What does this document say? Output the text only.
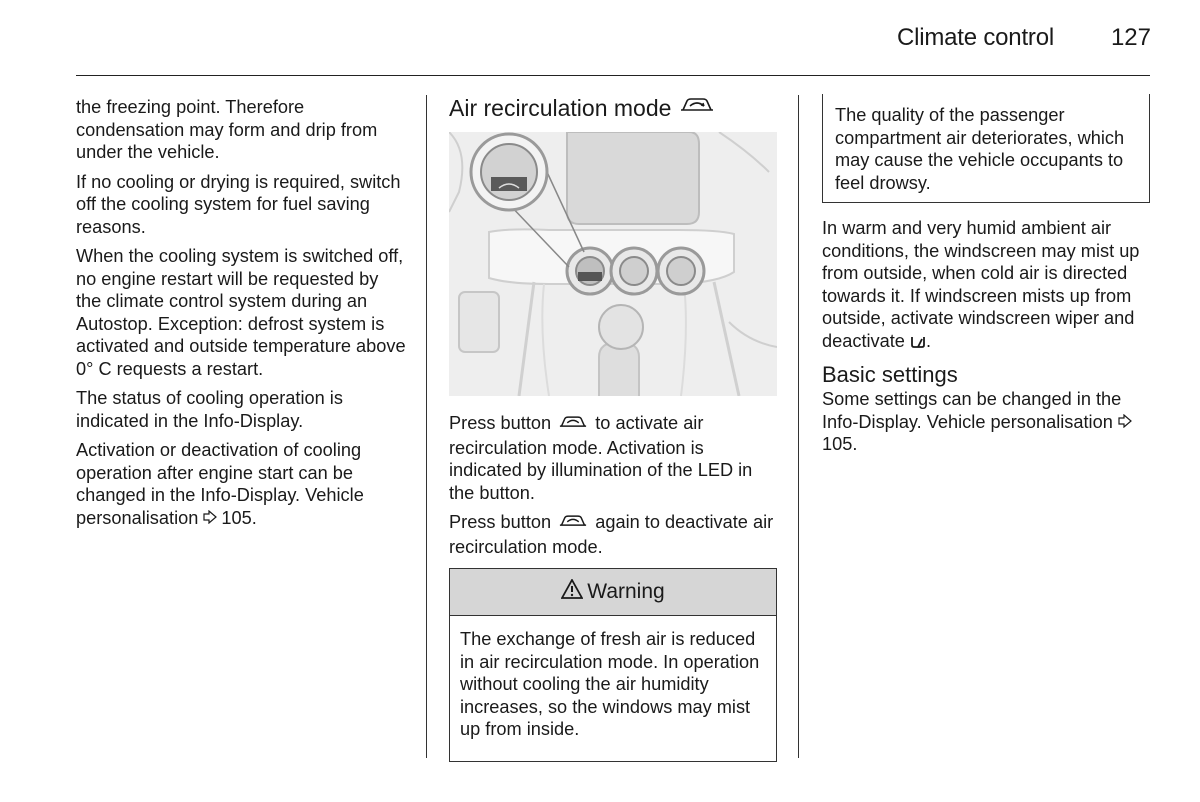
Climate control 127

the freezing point. Therefore condensation may form and drip from under the vehicle.

If no cooling or drying is required, switch off the cooling system for fuel saving reasons.

When the cooling system is switched off, no engine restart will be requested by the climate control system during an Autostop. Exception: defrost system is activated and outside temperature above 0° C requests a restart.

The status of cooling operation is indicated in the Info-Display.

Activation or deactivation of cooling operation after engine start can be changed in the Info-Display. Vehicle personalisation 105.

Air recirculation mode

Press button to activate air recirculation mode. Activation is indicated by illumination of the LED in the button.

Press button again to deactivate air recirculation mode.

Warning
The exchange of fresh air is reduced in air recirculation mode. In operation without cooling the air humidity increases, so the windows may mist up from inside.
The quality of the passenger compartment air deteriorates, which may cause the vehicle occupants to feel drowsy.

In warm and very humid ambient air conditions, the windscreen may mist up from outside, when cold air is directed towards it. If windscreen mists up from outside, activate windscreen wiper and deactivate .

Basic settings

Some settings can be changed in the Info-Display. Vehicle personalisation 105.
